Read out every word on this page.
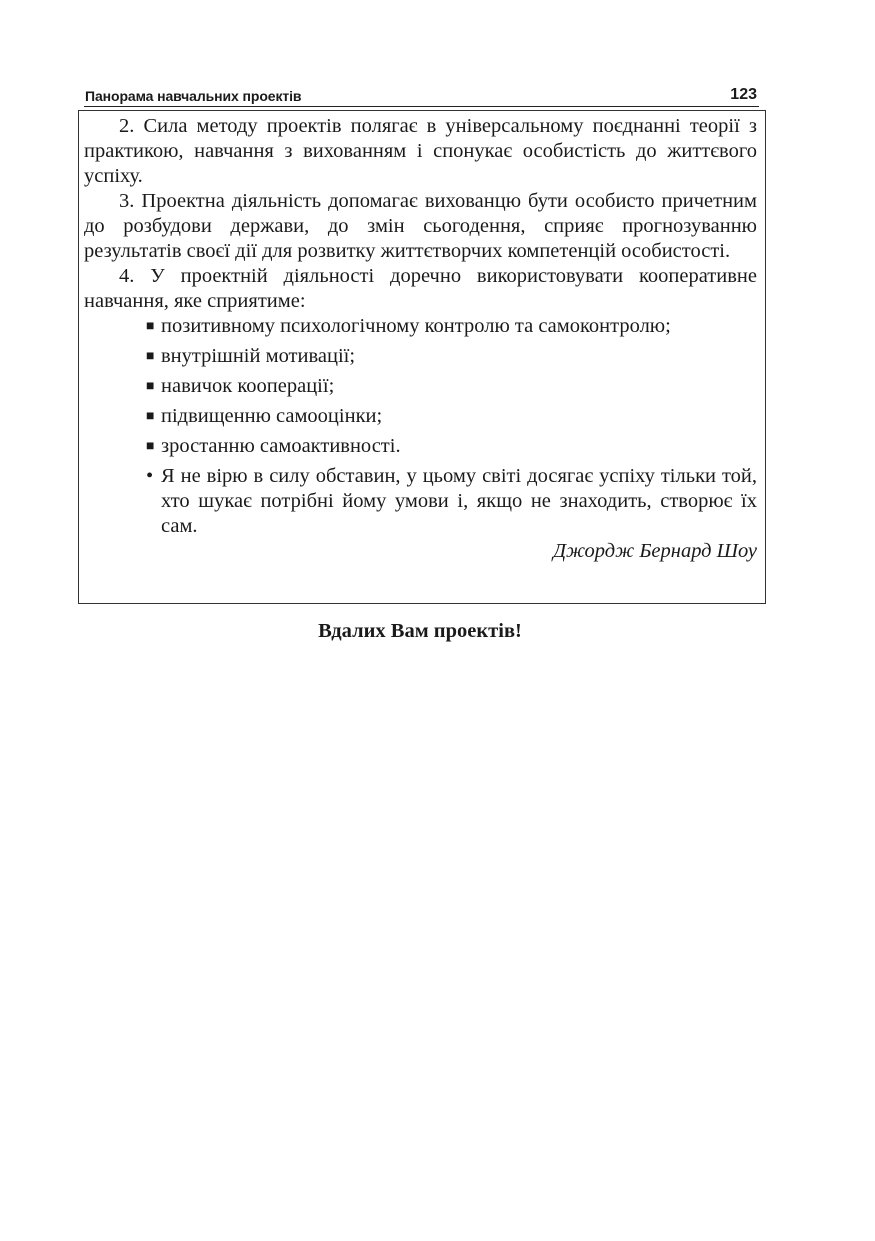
Панорама навчальних проектів	123

2. Сила методу проектів полягає в універсальному поєднанні теорії з практикою, навчання з вихованням і спонукає особистість до життєвого успіху.

3. Проектна діяльність допомагає вихованцю бути особисто причетним до розбудови держави, до змін сьогодення, сприяє прогнозуванню результатів своєї дії для розвитку життєтворчих компетенцій особистості.

4. У проектній діяльності доречно використовувати кооперативне навчання, яке сприятиме:

■ позитивному психологічному контролю та самоконтролю;
■ внутрішній мотивації;
■ навичок кооперації;
■ підвищенню самооцінки;
■ зростанню самоактивності.
• Я не вірю в силу обставин, у цьому світі досягає успіху тільки той, хто шукає потрібні йому умови і, якщо не знаходить, створює їх сам.
Джордж Бернард Шоу
Вдалих Вам проектів!
